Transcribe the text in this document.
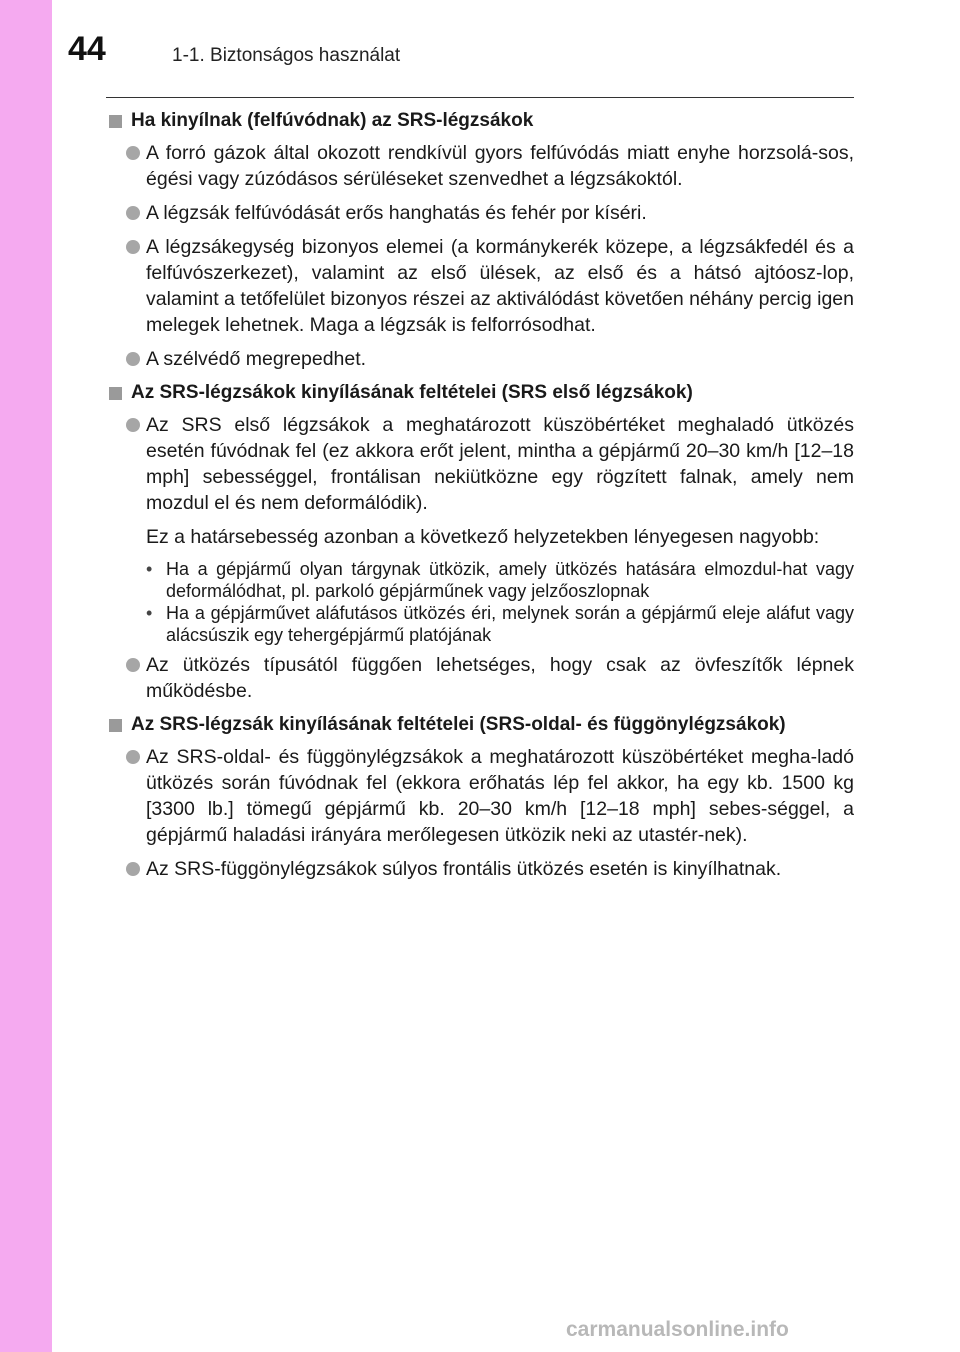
44	1-1. Biztonságos használat
Ha kinyílnak (felfúvódnak) az SRS-légzsákok
A forró gázok által okozott rendkívül gyors felfúvódás miatt enyhe horzsolá-sos, égési vagy zúzódásos sérüléseket szenvedhet a légzsákoktól.
A légzsák felfúvódását erős hanghatás és fehér por kíséri.
A légzsákegység bizonyos elemei (a kormánykerék közepe, a légzsákfedél és a felfúvószerkezet), valamint az első ülések, az első és a hátsó ajtóosz-lop, valamint a tetőfelület bizonyos részei az aktiválódást követően néhány percig igen melegek lehetnek. Maga a légzsák is felforrósodhat.
A szélvédő megrepedhet.
Az SRS-légzsákok kinyílásának feltételei (SRS első légzsákok)
Az SRS első légzsákok a meghatározott küszöbértéket meghaladó ütközés esetén fúvódnak fel (ez akkora erőt jelent, mintha a gépjármű 20–30 km/h [12–18 mph] sebességgel, frontálisan nekiütközne egy rögzített falnak, amely nem mozdul el és nem deformálódik).
Ez a határsebesség azonban a következő helyzetekben lényegesen nagyobb:
• Ha a gépjármű olyan tárgynak ütközik, amely ütközés hatására elmozdul-hat vagy deformálódhat, pl. parkoló gépjárműnek vagy jelzőoszlopnak
• Ha a gépjárművet aláfutásos ütközés éri, melynek során a gépjármű eleje aláfut vagy alácsúszik egy tehergépjármű platójának
Az ütközés típusától függően lehetséges, hogy csak az övfeszítők lépnek működésbe.
Az SRS-légzsák kinyílásának feltételei (SRS-oldal- és függönylégzsákok)
Az SRS-oldal- és függönylégzsákok a meghatározott küszöbértéket megha-ladó ütközés során fúvódnak fel (ekkora erőhatás lép fel akkor, ha egy kb. 1500 kg [3300 lb.] tömegű gépjármű kb. 20–30 km/h [12–18 mph] sebes-séggel, a gépjármű haladási irányára merőlegesen ütközik neki az utastér-nek).
Az SRS-függönylégzsákok súlyos frontális ütközés esetén is kinyílhatnak.
carmanualsonline.info
